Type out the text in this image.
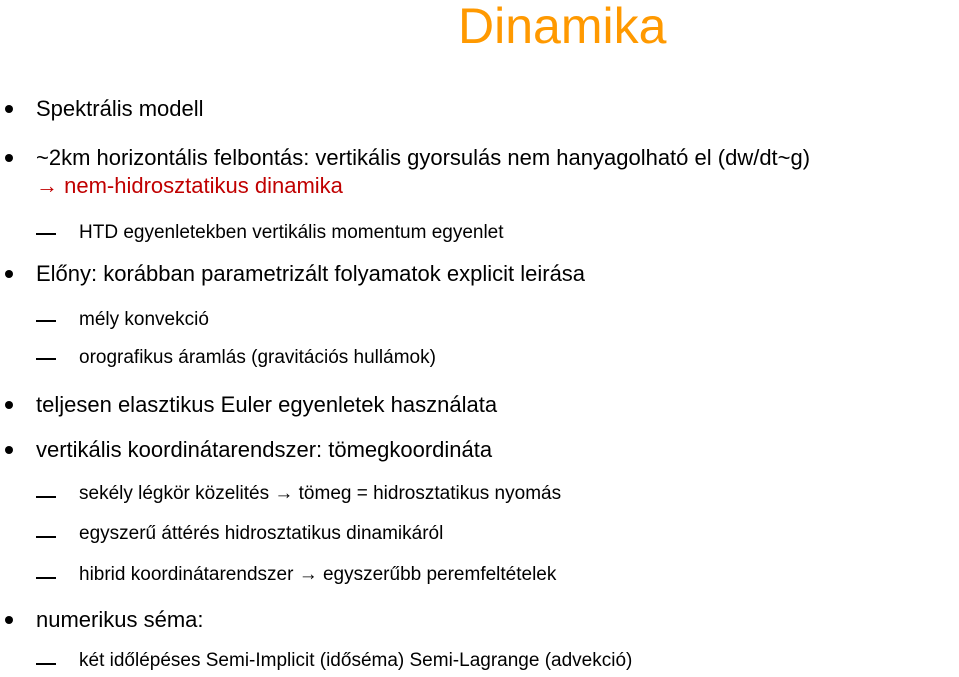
Dinamika
Spektrális modell
~2km horizontális felbontás: vertikális gyorsulás nem hanyagolható el (dw/dt~g)
→ nem-hidrosztatikus dinamika
HTD egyenletekben vertikális momentum egyenlet
Előny: korábban parametrizált folyamatok explicit leirása
mély konvekció
orografikus áramlás (gravitációs hullámok)
teljesen elasztikus Euler egyenletek használata
vertikális koordinátarendszer: tömegkoordináta
sekély légkör közelités → tömeg = hidrosztatikus nyomás
egyszerű áttérés hidrosztatikus dinamikáról
hibrid koordinátarendszer → egyszerűbb peremfeltételek
numerikus séma:
két időlépéses Semi-Implicit (idősémа) Semi-Lagrange (advekció)
